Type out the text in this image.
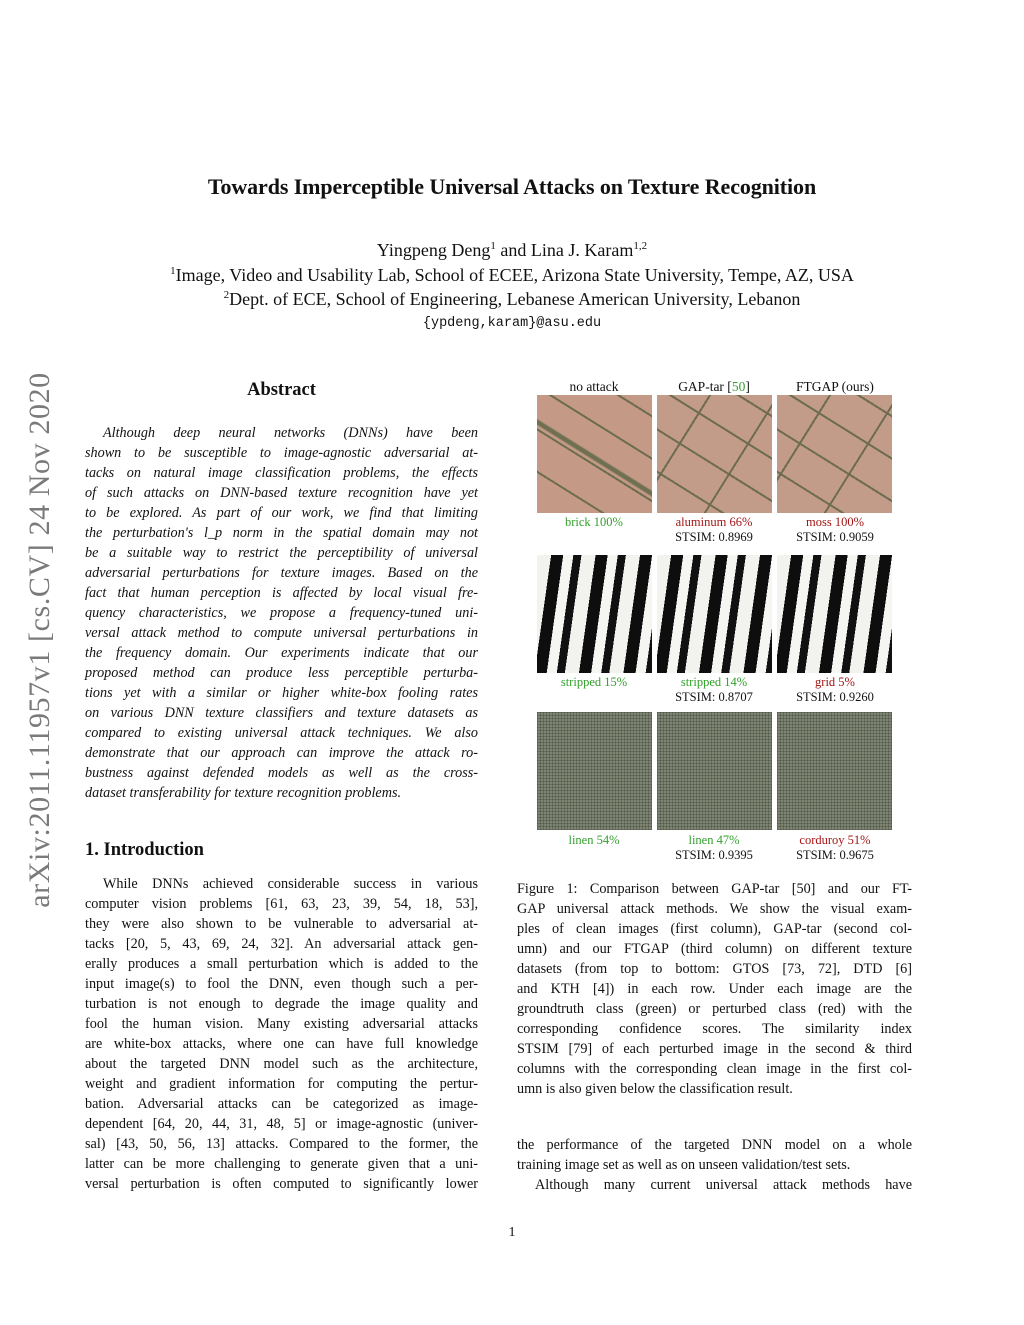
Towards Imperceptible Universal Attacks on Texture Recognition
Yingpeng Deng$^1$ and Lina J. Karam$^{1,2}$
$^1$Image, Video and Usability Lab, School of ECEE, Arizona State University, Tempe, AZ, USA
$^2$Dept. of ECE, School of Engineering, Lebanese American University, Lebanon
{ypdeng,karam}@asu.edu
arXiv:2011.11957v1 [cs.CV] 24 Nov 2020	Abstract
Although deep neural networks (DNNs) have been
shown to be susceptible to image-agnostic adversarial at-
tacks on natural image classification problems, the effects
of such attacks on DNN-based texture recognition have yet
to be explored. As part of our work, we find that limiting
the perturbation's l_p norm in the spatial domain may not
be a suitable way to restrict the perceptibility of universal
adversarial perturbations for texture images. Based on the
fact that human perception is affected by local visual fre-
quency characteristics, we propose a frequency-tuned uni-
versal attack method to compute universal perturbations in
the frequency domain. Our experiments indicate that our
proposed method can produce less perceptible perturba-
tions yet with a similar or higher white-box fooling rates
on various DNN texture classifiers and texture datasets as
compared to existing universal attack techniques. We also
demonstrate that our approach can improve the attack ro-
bustness against defended models as well as the cross-
dataset transferability for texture recognition problems.
1. Introduction
While DNNs achieved considerable success in various
computer vision problems [61, 63, 23, 39, 54, 18, 53],
they were also shown to be vulnerable to adversarial at-
tacks [20, 5, 43, 69, 24, 32]. An adversarial attack gen-
erally produces a small perturbation which is added to the
input image(s) to fool the DNN, even though such a per-
turbation is not enough to degrade the image quality and
fool the human vision. Many existing adversarial attacks
are white-box attacks, where one can have full knowledge
about the targeted DNN model such as the architecture,
weight and gradient information for computing the pertur-
bation. Adversarial attacks can be categorized as image-
dependent [64, 20, 44, 31, 48, 5] or image-agnostic (univer-
sal) [43, 50, 56, 13] attacks. Compared to the former, the
latter can be more challenging to generate given that a uni-
versal perturbation is often computed to significantly lower
no attack	GAP-tar [50]	FTGAP (ours)
brick 100%	aluminum 66%
STSIM: 0.8969
moss 100%
STSIM: 0.9059
stripped 15%	stripped 14%
STSIM: 0.8707
grid 5%
STSIM: 0.9260
linen 54%	linen 47%
STSIM: 0.9395
corduroy 51%
STSIM: 0.9675
Figure 1: Comparison between GAP-tar [50] and our FT-
GAP universal attack methods. We show the visual exam-
ples of clean images (first column), GAP-tar (second col-
umn) and our FTGAP (third column) on different texture
datasets (from top to bottom: GTOS [73, 72], DTD [6]
and KTH [4]) in each row. Under each image are the
groundtruth class (green) or perturbed class (red) with the
corresponding confidence scores. The similarity index
STSIM [79] of each perturbed image in the second & third
columns with the corresponding clean image in the first col-
umn is also given below the classification result.
the performance of the targeted DNN model on a whole
training image set as well as on unseen validation/test sets.
Although many current universal attack methods have
1
